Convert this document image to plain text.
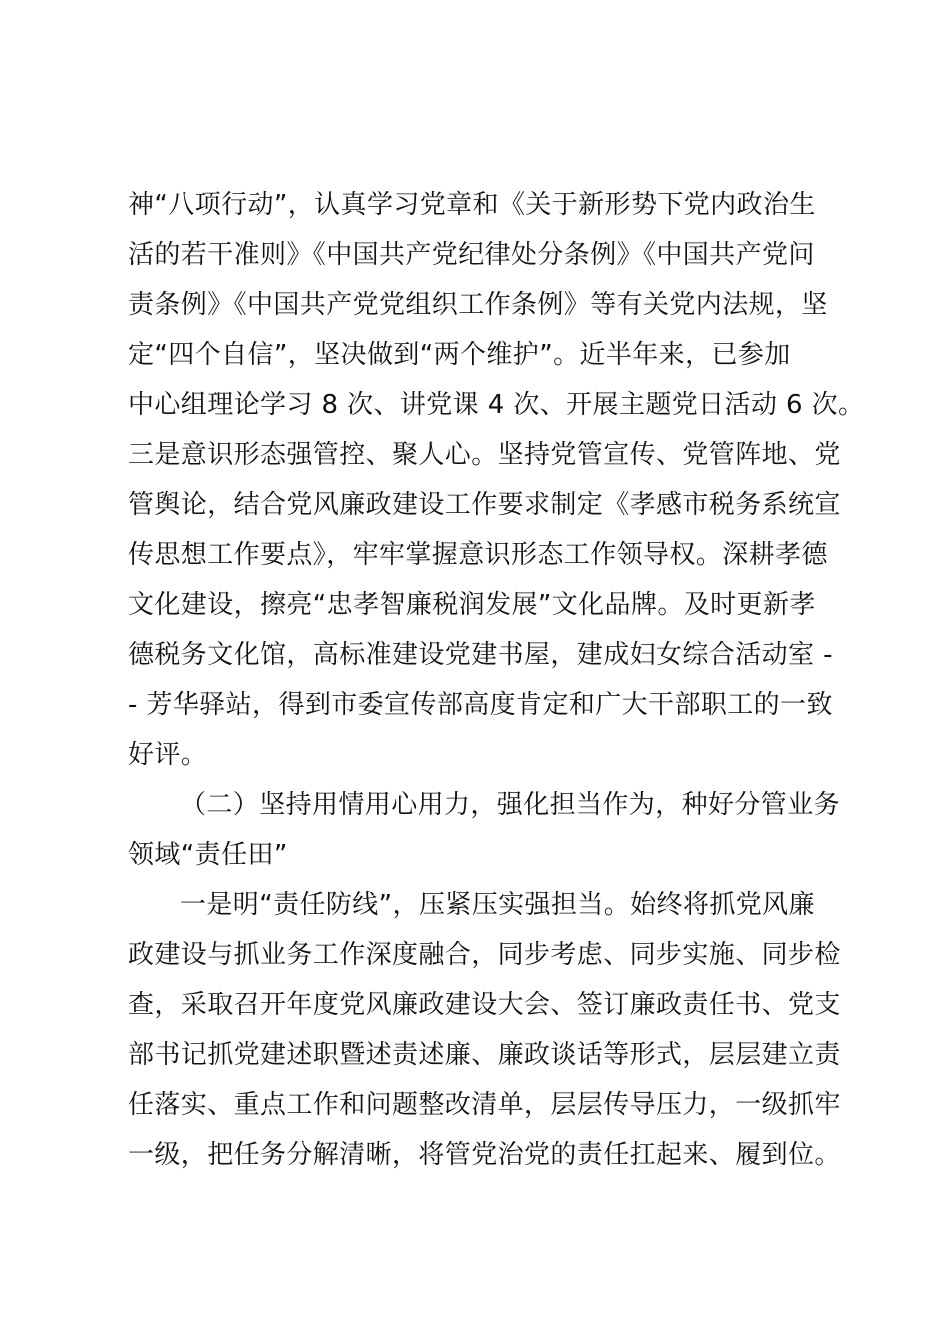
神“八项行动”，认真学习党章和《关于新形势下党内政治生
活的若干准则》《中国共产党纪律处分条例》《中国共产党问
责条例》《中国共产党党组织工作条例》等有关党内法规，坚
定“四个自信”，坚决做到“两个维护”。近半年来，已参加
中心组理论学习 8 次、讲党课 4 次、开展主题党日活动 6 次。
三是意识形态强管控、聚人心。坚持党管宣传、党管阵地、党
管舆论，结合党风廉政建设工作要求制定《孝感市税务系统宣
传思想工作要点》，牢牢掌握意识形态工作领导权。深耕孝德
文化建设，擦亮“忠孝智廉税润发展”文化品牌。及时更新孝
德税务文化馆，高标准建设党建书屋，建成妇女综合活动室 -
- 芳华驿站，得到市委宣传部高度肯定和广大干部职工的一致
好评。
（二）坚持用情用心用力，强化担当作为，种好分管业务
领域“责任田”
一是明“责任防线”，压紧压实强担当。始终将抓党风廉
政建设与抓业务工作深度融合，同步考虑、同步实施、同步检
查，采取召开年度党风廉政建设大会、签订廉政责任书、党支
部书记抓党建述职暨述责述廉、廉政谈话等形式，层层建立责
任落实、重点工作和问题整改清单，层层传导压力，一级抓牢
一级，把任务分解清晰，将管党治党的责任扛起来、履到位。
